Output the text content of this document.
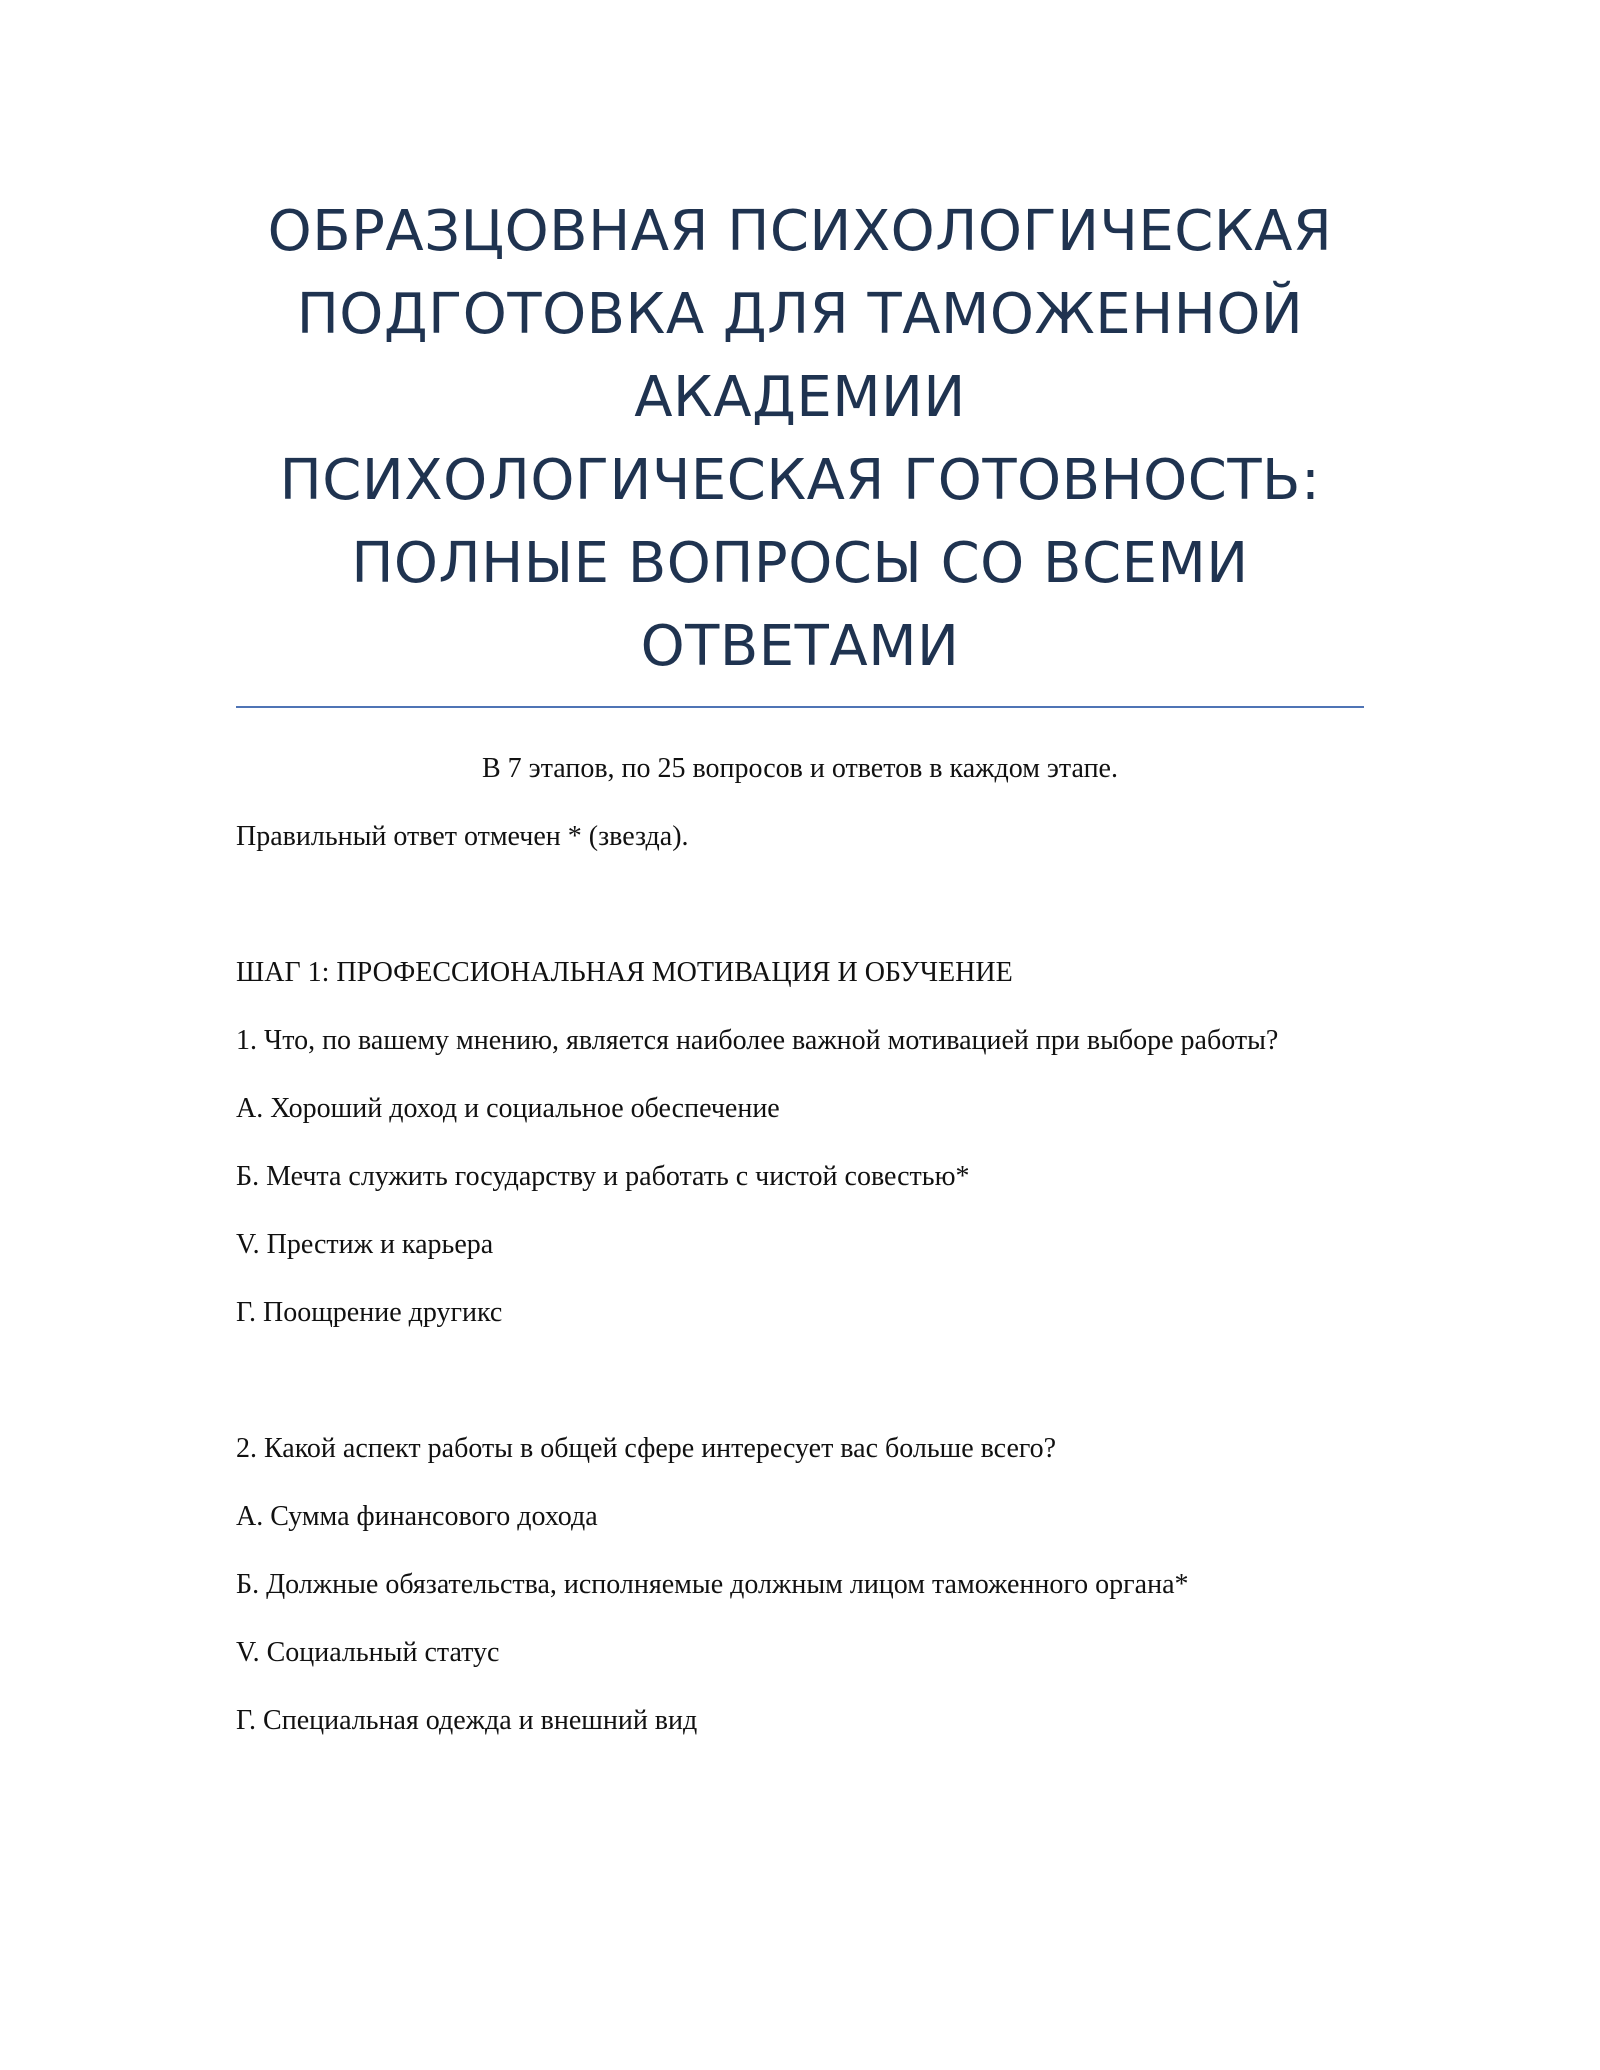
ОБРАЗЦОВНАЯ ПСИХОЛОГИЧЕСКАЯ
ПОДГОТОВКА ДЛЯ ТАМОЖЕННОЙ
АКАДЕМИИ
ПСИХОЛОГИЧЕСКАЯ ГОТОВНОСТЬ:
ПОЛНЫЕ ВОПРОСЫ СО ВСЕМИ
ОТВЕТАМИ

В 7 этапов, по 25 вопросов и ответов в каждом этапе.

Правильный ответ отмечен * (звезда).

ШАГ 1: ПРОФЕССИОНАЛЬНАЯ МОТИВАЦИЯ И ОБУЧЕНИЕ

1. Что, по вашему мнению, является наиболее важной мотивацией при выборе работы?

А. Хороший доход и социальное обеспечение

Б. Мечта служить государству и работать с чистой совестью*

V. Престиж и карьера

Г. Поощрение другикс

2. Какой аспект работы в общей сфере интересует вас больше всего?

А. Сумма финансового дохода

Б. Должные обязательства, исполняемые должным лицом таможенного органа*

V. Социальный статус

Г. Специальная одежда и внешний вид
